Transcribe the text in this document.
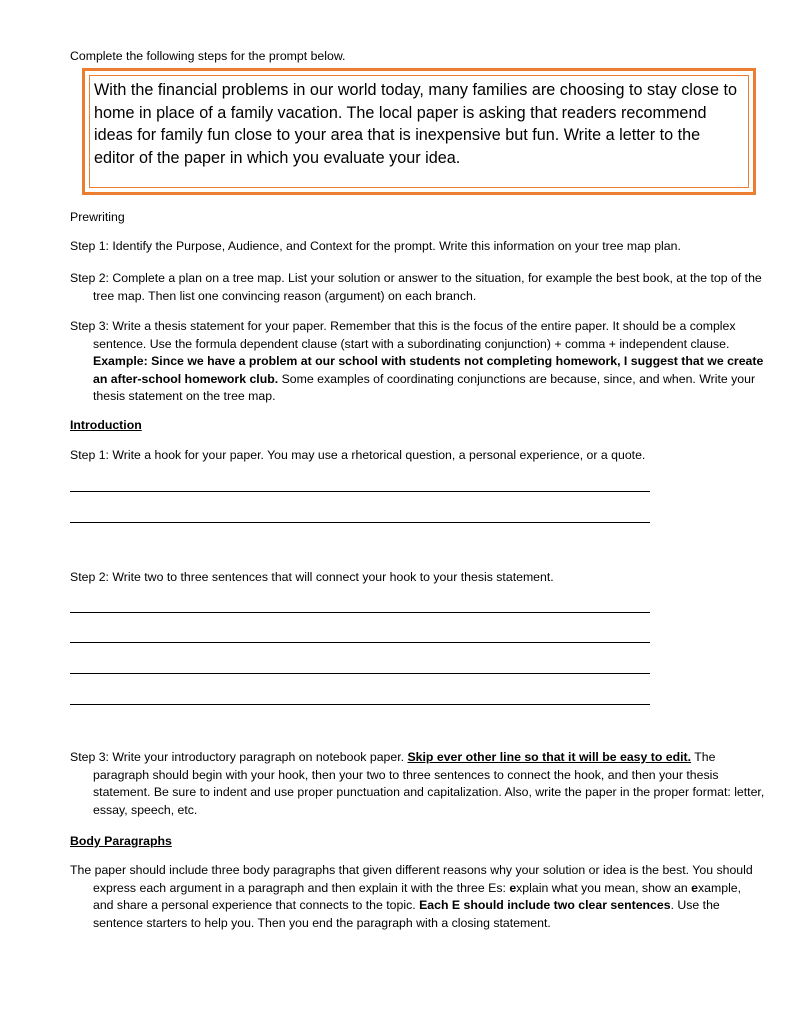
Complete the following steps for the prompt below.
With the financial problems in our world today, many families are choosing to stay close to home in place of a family vacation. The local paper is asking that readers recommend ideas for family fun close to your area that is inexpensive but fun. Write a letter to the editor of the paper in which you evaluate your idea.
Prewriting
Step 1: Identify the Purpose, Audience, and Context for the prompt. Write this information on your tree map plan.
Step 2: Complete a plan on a tree map. List your solution or answer to the situation, for example the best book, at the top of the tree map. Then list one convincing reason (argument) on each branch.
Step 3: Write a thesis statement for your paper. Remember that this is the focus of the entire paper. It should be a complex sentence. Use the formula dependent clause (start with a subordinating conjunction) + comma + independent clause. Example: Since we have a problem at our school with students not completing homework, I suggest that we create an after-school homework club. Some examples of coordinating conjunctions are because, since, and when. Write your thesis statement on the tree map.
Introduction
Step 1: Write a hook for your paper. You may use a rhetorical question, a personal experience, or a quote.
Step 2: Write two to three sentences that will connect your hook to your thesis statement.
Step 3: Write your introductory paragraph on notebook paper. Skip ever other line so that it will be easy to edit. The paragraph should begin with your hook, then your two to three sentences to connect the hook, and then your thesis statement. Be sure to indent and use proper punctuation and capitalization. Also, write the paper in the proper format: letter, essay, speech, etc.
Body Paragraphs
The paper should include three body paragraphs that given different reasons why your solution or idea is the best. You should express each argument in a paragraph and then explain it with the three Es: explain what you mean, show an example, and share a personal experience that connects to the topic. Each E should include two clear sentences. Use the sentence starters to help you. Then you end the paragraph with a closing statement.
